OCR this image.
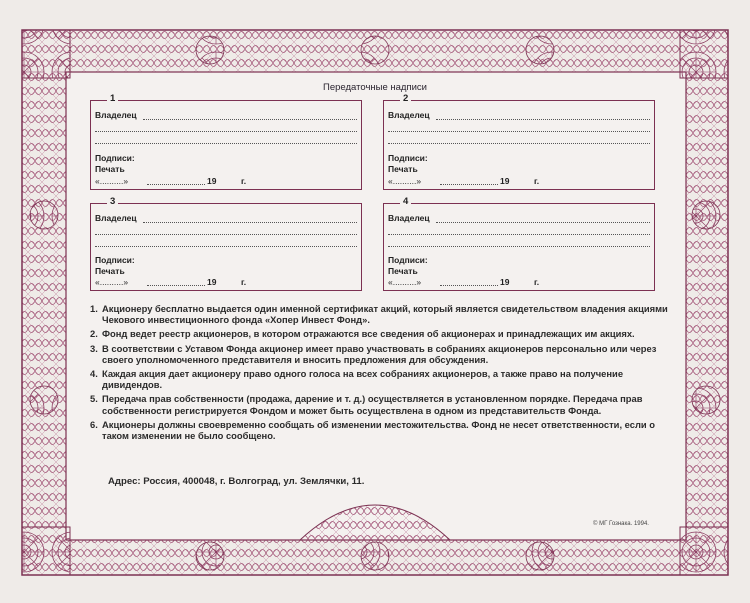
Передаточные надписи
1
Владелец
Подписи:
Печать
«..........»	19	г.
2
Владелец
Подписи:
Печать
«..........»	19	г.
3
Владелец
Подписи:
Печать
«..........»	19	г.
4
Владелец
Подписи:
Печать
«..........»	19	г.
1. Акционеру бесплатно выдается один именной сертификат акций, который является свидетельством владения акциями Чекового инвестиционного фонда «Хопер Инвест Фонд».
2. Фонд ведет реестр акционеров, в котором отражаются все сведения об акционерах и принадлежащих им акциях.
3. В соответствии с Уставом Фонда акционер имеет право участвовать в собраниях акционеров персонально или через своего уполномоченного представителя и вносить предложения для обсуждения.
4. Каждая акция дает акционеру право одного голоса на всех собраниях акционеров, а также право на получение дивидендов.
5. Передача прав собственности (продажа, дарение и т. д.) осуществляется в установленном порядке. Передача прав собственности регистрируется Фондом и может быть осуществлена в одном из представительств Фонда.
6. Акционеры должны своевременно сообщать об изменении местожительства. Фонд не несет ответственности, если о таком изменении не было сообщено.
Адрес: Россия, 400048, г. Волгоград, ул. Землячки, 11.
© МГ Гознака. 1994.
